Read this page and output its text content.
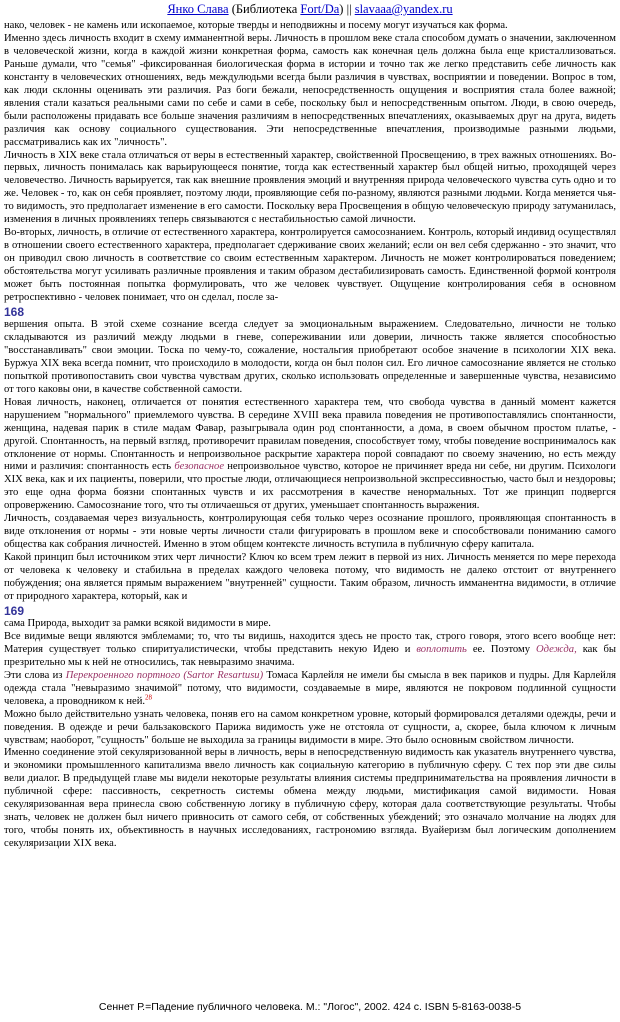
Янко Слава (Библиотека Fort/Da) || slavaaa@yandex.ru

нако, человек - не камень или ископаемое, которые тверды и неподвижны и посему могут изучаться как форма.

Именно здесь личность входит в схему имманентной веры. Личность в прошлом веке стала способом думать о значении, заключенном в человеческой жизни, когда в каждой жизни конкретная форма, самость как конечная цель должна была еще кристаллизоваться. Раньше думали, что "семья" -фиксированная биологическая форма в истории и точно так же легко представить себе личность как константу в человеческих отношениях, ведь междулюдьми всегда были различия в чувствах, восприятии и поведении. Вопрос в том, как люди склонны оценивать эти различия. Раз боги бежали, непосредственность ощущения и восприятия стала более важной; явления стали казаться реальными сами по себе и сами в себе, поскольку был и непосредственным опытом. Люди, в свою очередь, были расположены придавать все больше значения различиям в непосредственных впечатлениях, оказываемых друг на друга, видеть различия как основу социального существования. Эти непосредственные впечатления, производимые разными людьми, рассматривались как их "личность".

Личность в XIX веке стала отличаться от веры в естественный характер, свойственной Просвещению, в трех важных отношениях. Во-первых, личность понималась как варьирующееся понятие, тогда как естественный характер был общей нитью, проходящей через человечество. Личность варьируется, так как внешние проявления эмоций и внутренняя природа человеческого чувства суть одно и то же. Человек - то, как он себя проявляет, поэтому люди, проявляющие себя по-разному, являются разными людьми. Когда меняется чья-то видимость, это предполагает изменение в его самости. Поскольку вера Просвещения в общую человеческую природу затуманилась, изменения в личных проявлениях теперь связываются с нестабильностью самой личности.

Во-вторых, личность, в отличие от естественного характера, контролируется самосознанием. Контроль, который индивид осуществлял в отношении своего естественного характера, предполагает сдерживание своих желаний; если он вел себя сдержанно - это значит, что он приводил свою личность в соответствие со своим естественным характером. Личность не может контролироваться поведением; обстоятельства могут усиливать различные проявления и таким образом дестабилизировать самость. Единственной формой контроля может быть постоянная попытка формулировать, что же человек чувствует. Ощущение контролирования себя в основном ретроспективно - человек понимает, что он сделал, после за-

168

вершения опыта. В этой схеме сознание всегда следует за эмоциональным выражением. Следовательно, личности не только складываются из различий между людьми в гневе, сопереживании или доверии, личность также является способностью "восстанавливать" свои эмоции. Тоска по чему-то, сожаление, ностальгия приобретают особое значение в психологии XIX века. Буржуа XIX века всегда помнит, что происходило в молодости, когда он был полон сил. Его личное самосознание является не столько попыткой противопоставить свои чувства чувствам других, сколько использовать определенные и завершенные чувства, независимо от того каковы они, в качестве собственной самости.

Новая личность, наконец, отличается от понятия естественного характера тем, что свобода чувства в данный момент кажется нарушением "нормального" приемлемого чувства. В середине XVIII века правила поведения не противопоставлялись спонтанности, женщина, надевая парик в стиле мадам Фавар, разыгрывала один род спонтанности, а дома, в своем обычном простом платье, - другой. Спонтанность, на первый взгляд, противоречит правилам поведения, способствует тому, чтобы поведение воспринималось как отклонение от нормы. Спонтанность и непроизвольное раскрытие характера порой совпадают по своему значению, но есть между ними и различия: спонтанность есть безопасное непроизвольное чувство, которое не причиняет вреда ни себе, ни другим. Психологи XIX века, как и их пациенты, поверили, что простые люди, отличающиеся непроизвольной экспрессивностью, часто был и нездоровы; это еще одна форма боязни спонтанных чувств и их рассмотрения в качестве ненормальных. Тот же принцип подвергся опровержению. Самосознание того, что ты отличаешься от других, уменьшает спонтанность выражения.

Личность, создаваемая через визуальность, контролирующая себя только через осознание прошлого, проявляющая спонтанность в виде отклонения от нормы - эти новые черты личности стали фигурировать в прошлом веке и способствовали пониманию самого общества как собрания личностей. Именно в этом общем контексте личность вступила в публичную сферу капитала.

Какой принцип был источником этих черт личности? Ключ ко всем трем лежит в первой из них. Личность меняется по мере перехода от человека к человеку и стабильна в пределах каждого человека потому, что видимость не далеко отстоит от внутреннего побуждения; она является прямым выражением "внутренней" сущности. Таким образом, личность имманентна видимости, в отличие от природного характера, который, как и

169

сама Природа, выходит за рамки всякой видимости в мире.

Все видимые вещи являются эмблемами; то, что ты видишь, находится здесь не просто так, строго говоря, этого всего вообще нет: Материя существует только спиритуалистически, чтобы представить некую Идею и воплотить ее. Поэтому Одежда, как бы презрительно мы к ней не относились, так невыразимо значима.

Эти слова из Перекроенного портного (Sartor Resartusu) Томаса Карлейля не имели бы смысла в век париков и пудры. Для Карлейля одежда стала "невыразимо значимой" потому, что видимости, создаваемые в мире, являются не покровом подлинной сущности человека, а проводником к ней.$^{28}$

Можно было действительно узнать человека, поняв его на самом конкретном уровне, который формировался деталями одежды, речи и поведения. В одежде и речи бальзаковского Парижа видимость уже не отстояла от сущности, а, скорее, была ключом к личным чувствам; наоборот, "сущность" больше не выходила за границы видимости в мире. Это было основным свойством личности.

Именно соединение этой секуляризованной веры в личность, веры в непосредственную видимость как указатель внутреннего чувства, и экономики промышленного капитализма ввело личность как социальную категорию в публичную сферу. С тех пор эти две силы вели диалог. В предыдущей главе мы видели некоторые результаты влияния системы предпринимательства на проявления личности в публичной сфере: пассивность, секретность системы обмена между людьми, мистификация самой видимости. Новая секуляризованная вера принесла свою собственную логику в публичную сферу, которая дала соответствующие результаты. Чтобы знать, человек не должен был ничего привносить от самого себя, от собственных убеждений; это означало молчание на людях для того, чтобы понять их, объективность в научных исследованиях, гастрономию взгляда. Вуайеризм был логическим дополнением секуляризации XIX века.

Сеннет Р.=Падение публичного человека. М.: "Логос", 2002. 424 с. ISBN 5-8163-0038-5
